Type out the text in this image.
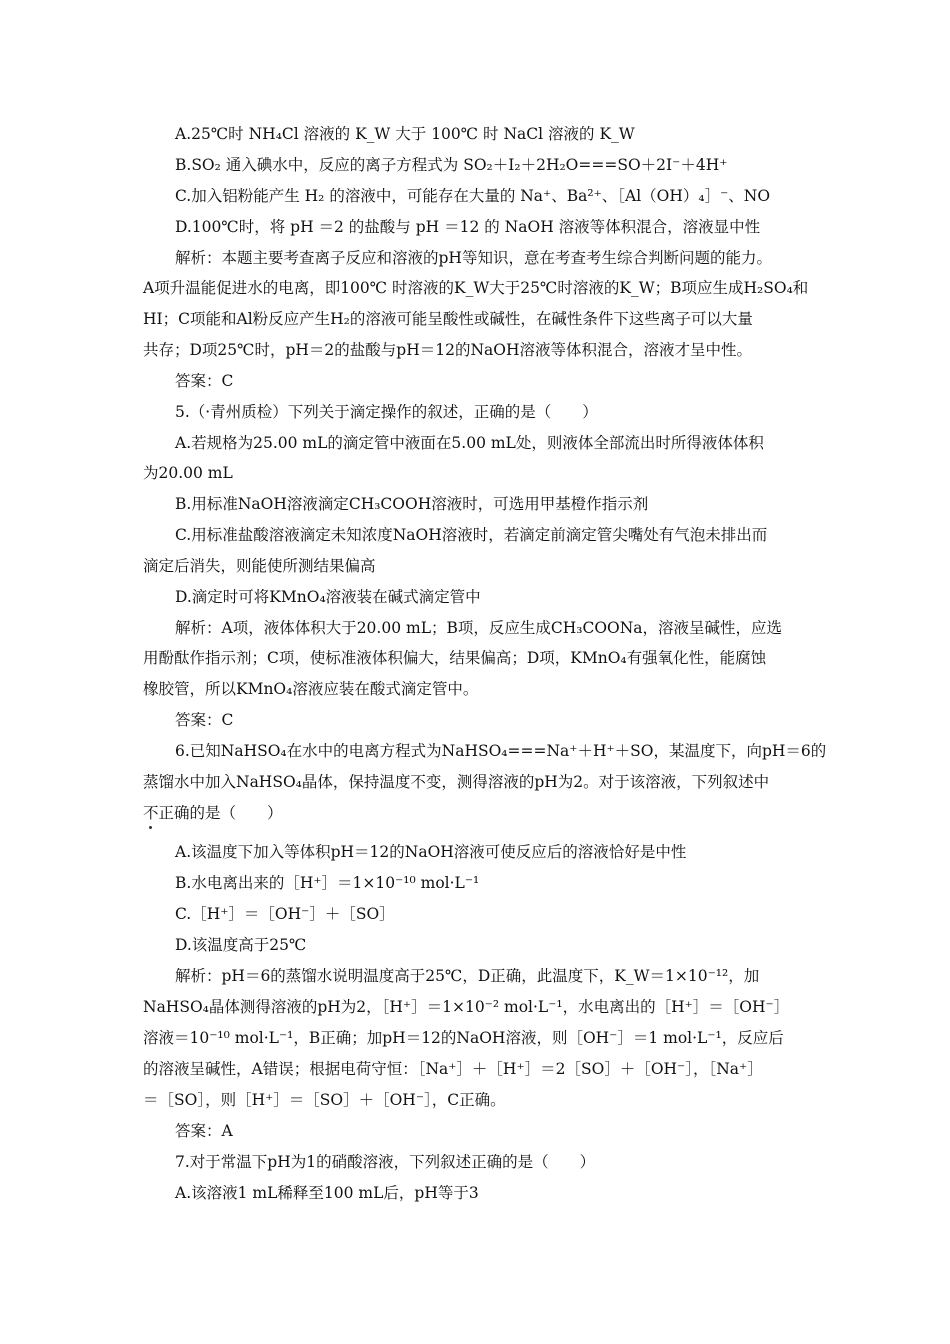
A.25℃时 NH₄Cl 溶液的 K_W 大于 100℃ 时 NaCl 溶液的 K_W
B.SO₂ 通入碘水中，反应的离子方程式为 SO₂＋I₂＋2H₂O===SO＋2I⁻＋4H⁺
C.加入铝粉能产生 H₂ 的溶液中，可能存在大量的 Na⁺、Ba²⁺、［Al（OH）₄］⁻、NO
D.100℃时，将 pH ＝2 的盐酸与 pH ＝12 的 NaOH 溶液等体积混合，溶液显中性
解析：本题主要考查离子反应和溶液的pH等知识，意在考查考生综合判断问题的能力。
A项升温能促进水的电离，即100℃ 时溶液的K_W大于25℃时溶液的K_W；B项应生成H₂SO₄和
HI；C项能和Al粉反应产生H₂的溶液可能呈酸性或碱性，在碱性条件下这些离子可以大量
共存；D项25℃时，pH＝2的盐酸与pH＝12的NaOH溶液等体积混合，溶液才呈中性。
答案：C
5.（·青州质检）下列关于滴定操作的叙述，正确的是（　　）
A.若规格为25.00 mL的滴定管中液面在5.00 mL处，则液体全部流出时所得液体体积
为20.00 mL
B.用标准NaOH溶液滴定CH₃COOH溶液时，可选用甲基橙作指示剂
C.用标准盐酸溶液滴定未知浓度NaOH溶液时，若滴定前滴定管尖嘴处有气泡未排出而
滴定后消失，则能使所测结果偏高
D.滴定时可将KMnO₄溶液装在碱式滴定管中
解析：A项，液体体积大于20.00 mL；B项，反应生成CH₃COONa，溶液呈碱性，应选
用酚酞作指示剂；C项，使标准液体积偏大，结果偏高；D项，KMnO₄有强氧化性，能腐蚀
橡胶管，所以KMnO₄溶液应装在酸式滴定管中。
答案：C
6.已知NaHSO₄在水中的电离方程式为NaHSO₄===Na⁺＋H⁺＋SO，某温度下，向pH＝6的
蒸馏水中加入NaHSO₄晶体，保持温度不变，测得溶液的pH为2。对于该溶液，下列叙述中
不正确的是（　　）
A.该温度下加入等体积pH＝12的NaOH溶液可使反应后的溶液恰好是中性
B.水电离出来的［H⁺］＝1×10⁻¹⁰ mol·L⁻¹
C.［H⁺］＝［OH⁻］＋［SO］
D.该温度高于25℃
解析：pH＝6的蒸馏水说明温度高于25℃，D正确，此温度下，K_W＝1×10⁻¹²，加
NaHSO₄晶体测得溶液的pH为2，［H⁺］＝1×10⁻² mol·L⁻¹，水电离出的［H⁺］＝［OH⁻］
溶液＝10⁻¹⁰ mol·L⁻¹，B正确；加pH＝12的NaOH溶液，则［OH⁻］＝1 mol·L⁻¹，反应后
的溶液呈碱性，A错误；根据电荷守恒：［Na⁺］＋［H⁺］＝2［SO］＋［OH⁻］，［Na⁺］
＝［SO］，则［H⁺］＝［SO］＋［OH⁻］，C正确。
答案：A
7.对于常温下pH为1的硝酸溶液，下列叙述正确的是（　　）
A.该溶液1 mL稀释至100 mL后，pH等于3
